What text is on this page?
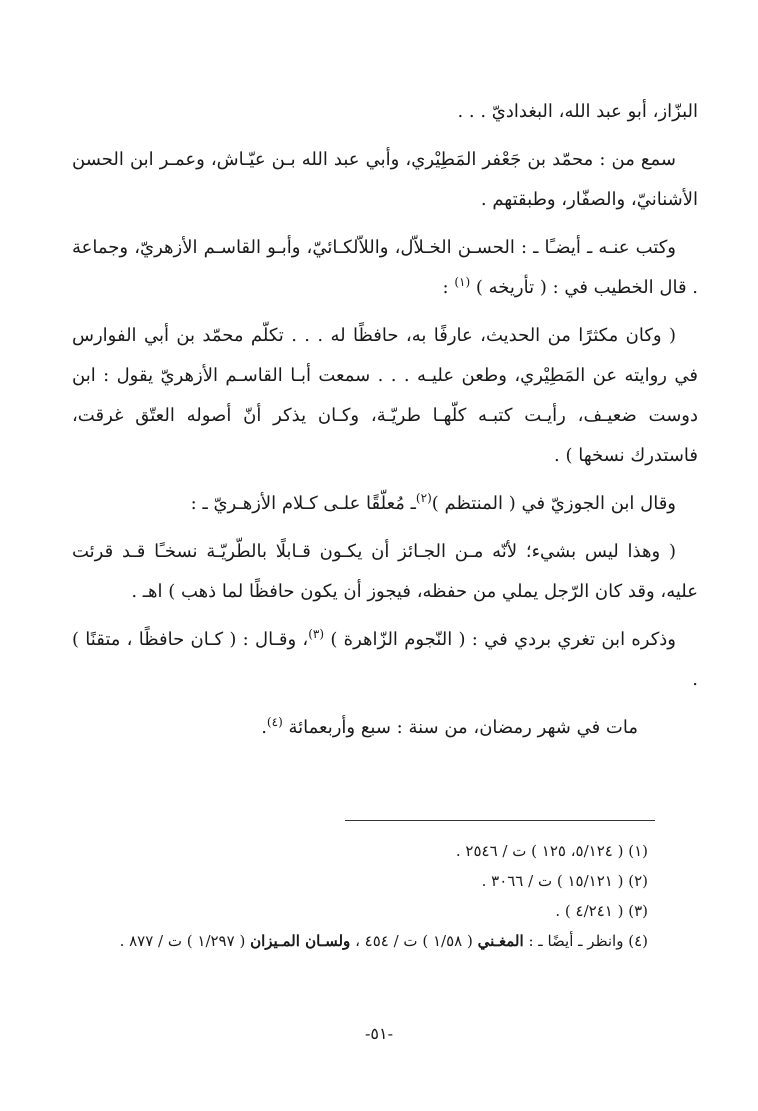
البزّاز، أبو عبد الله، البغداديّ . . .

سمع من : محمّد بن جَعْفر المَطِيْري، وأبي عبد الله بـن عيّـاش، وعمـر ابن الحسن الأشنانيّ، والصفّار، وطبقتهم .

وكتب عنـه ـ أيضـًا ـ : الحسـن الخـلاّل، واللاّلكـائيّ، وأبـو القاسـم الأزهريّ، وجماعة . قال الخطيب في : ( تأريخه ) $^{(١)}$ :

( وكان مكثرًا من الحديث، عارفًا به، حافظًا له . . . تكلّم محمّد بن أبي الفوارس في روايته عن المَطِيْري، وطعن عليـه . . . سمعت أبـا القاسـم الأزهريّ يقول : ابن دوست ضعيـف، رأيـت كتبـه كلّهـا طريّـة، وكـان يذكر أنّ أصوله العتّق غرقت، فاستدرك نسخها ) .

وقال ابن الجوزيّ في ( المنتظم )$^{(٢)}$ـ مُعلّقًا علـى كـلام الأزهـريّ ـ :

( وهذا ليس بشيء؛ لأنّه مـن الجـائز أن يكـون قـابلًا بالطّريّـة نسخـًا قـد قرئت عليه، وقد كان الرّجل يملي من حفظه، فيجوز أن يكون حافظًا لما ذهب ) اهـ .

وذكره ابن تغري بردي في : ( النّجوم الزّاهرة ) $^{(٣)}$، وقـال : ( كـان حافظًا ، متقنًا ) .

مات في شهر رمضان، من سنة : سبع وأربعمائة $^{(٤)}$.

(١) ( ٥/١٢٤، ١٢٥ ) ت / ٢٥٤٦ .

(٢) ( ١٥/١٢١ ) ت / ٣٠٦٦ .

(٣) ( ٤/٢٤١ ) .

(٤) وانظر ـ أيضًا ـ : المغـني ( ١/٥٨ ) ت / ٤٥٤ ، ولسـان المـيزان ( ١/٢٩٧ ) ت / ٨٧٧ .

-٥١-
